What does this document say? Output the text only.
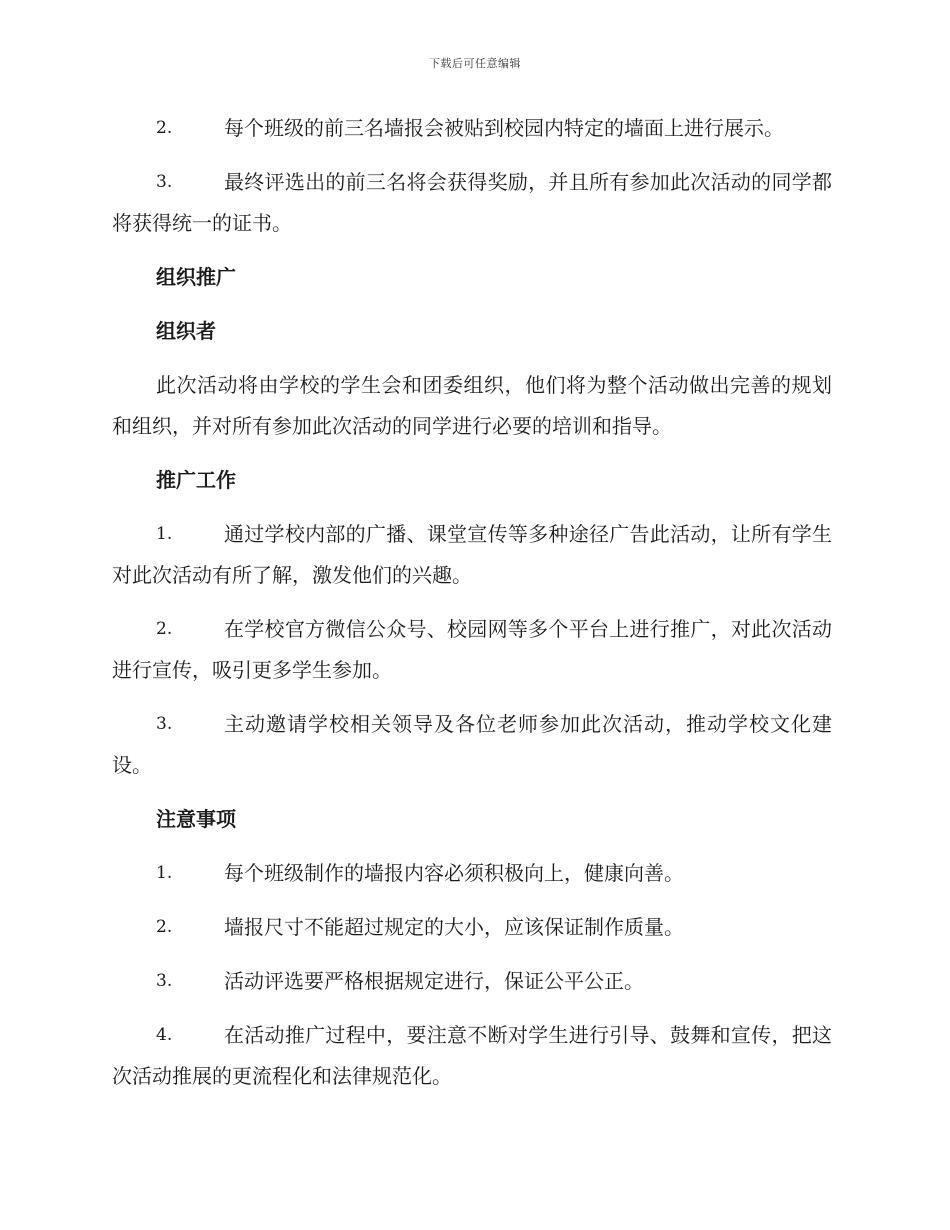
下载后可任意编辑
2.	每个班级的前三名墙报会被贴到校园内特定的墙面上进行展示。

3.	最终评选出的前三名将会获得奖励，并且所有参加此次活动的同学都将获得统一的证书。

组织推广
组织者

此次活动将由学校的学生会和团委组织，他们将为整个活动做出完善的规划和组织，并对所有参加此次活动的同学进行必要的培训和指导。

推广工作
1.	通过学校内部的广播、课堂宣传等多种途径广告此活动，让所有学生对此次活动有所了解，激发他们的兴趣。

2.	在学校官方微信公众号、校园网等多个平台上进行推广，对此次活动进行宣传，吸引更多学生参加。

3.	主动邀请学校相关领导及各位老师参加此次活动，推动学校文化建设。

注意事项
1.	每个班级制作的墙报内容必须积极向上，健康向善。

2.	墙报尺寸不能超过规定的大小，应该保证制作质量。

3.	活动评选要严格根据规定进行，保证公平公正。

4.	在活动推广过程中，要注意不断对学生进行引导、鼓舞和宣传，把这次活动推展的更流程化和法律规范化。
